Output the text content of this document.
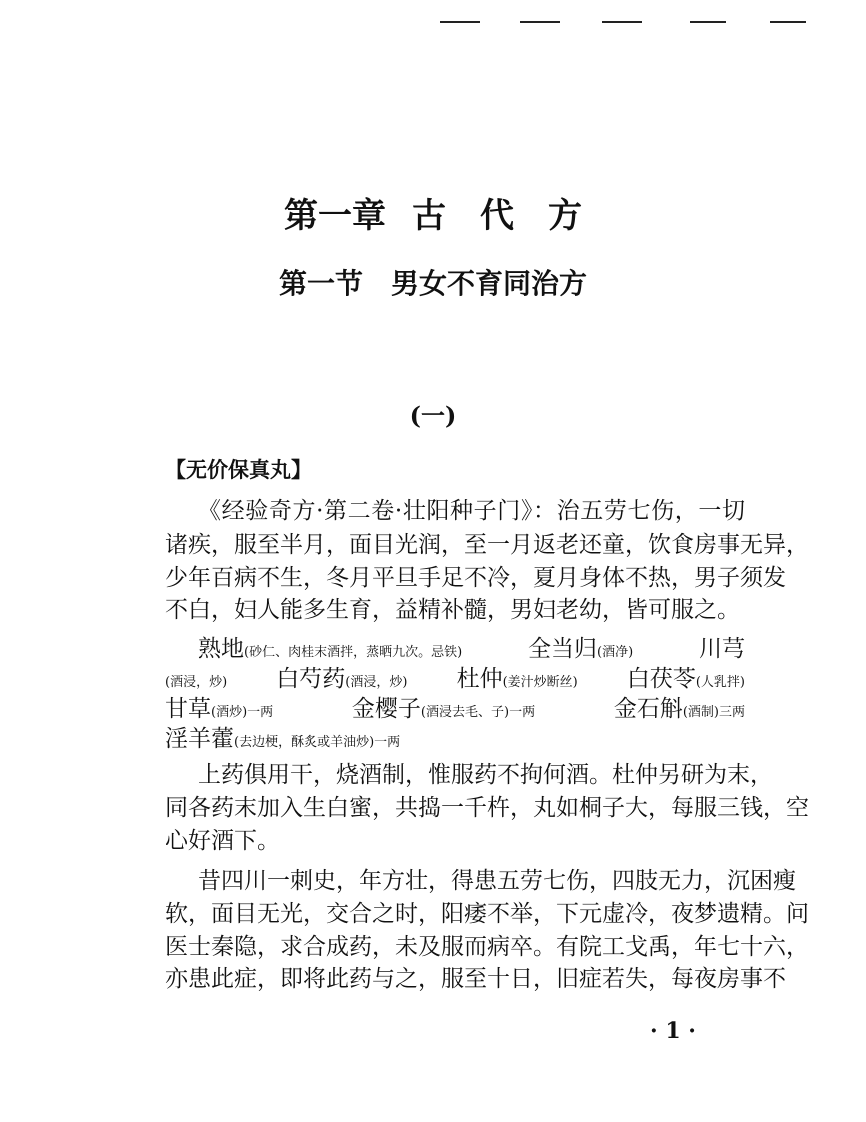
第一章 古 代 方
第一节　男女不育同治方
(一)
【无价保真丸】
《经验奇方·第二卷·壮阳种子门》：治五劳七伤，一切
诸疾，服至半月，面目光润，至一月返老还童，饮食房事无异，
少年百病不生，冬月平旦手足不冷，夏月身体不热，男子须发
不白，妇人能多生育，益精补髓，男妇老幼，皆可服之。
熟地(砂仁、肉桂末酒拌，蒸晒九次。忌铁)	全当归(酒净)	川芎
(酒浸，炒) 白芍药(酒浸，炒) 杜仲(姜汁炒断丝) 白茯苓(人乳拌)
甘草(酒炒)一两	金樱子(酒浸去毛、子)一两	金石斛(酒制)三两
淫羊藿(去边梗，酥炙或羊油炒)一两
上药俱用干，烧酒制，惟服药不拘何酒。杜仲另研为末，
同各药末加入生白蜜，共捣一千杵，丸如桐子大，每服三钱，空
心好酒下。
昔四川一刺史，年方壮，得患五劳七伤，四肢无力，沉困瘦
软，面目无光，交合之时，阳痿不举，下元虚冷，夜梦遗精。问
医士秦隐，求合成药，未及服而病卒。有院工戈禹，年七十六，
亦患此症，即将此药与之，服至十日，旧症若失，每夜房事不
· 1 ·
